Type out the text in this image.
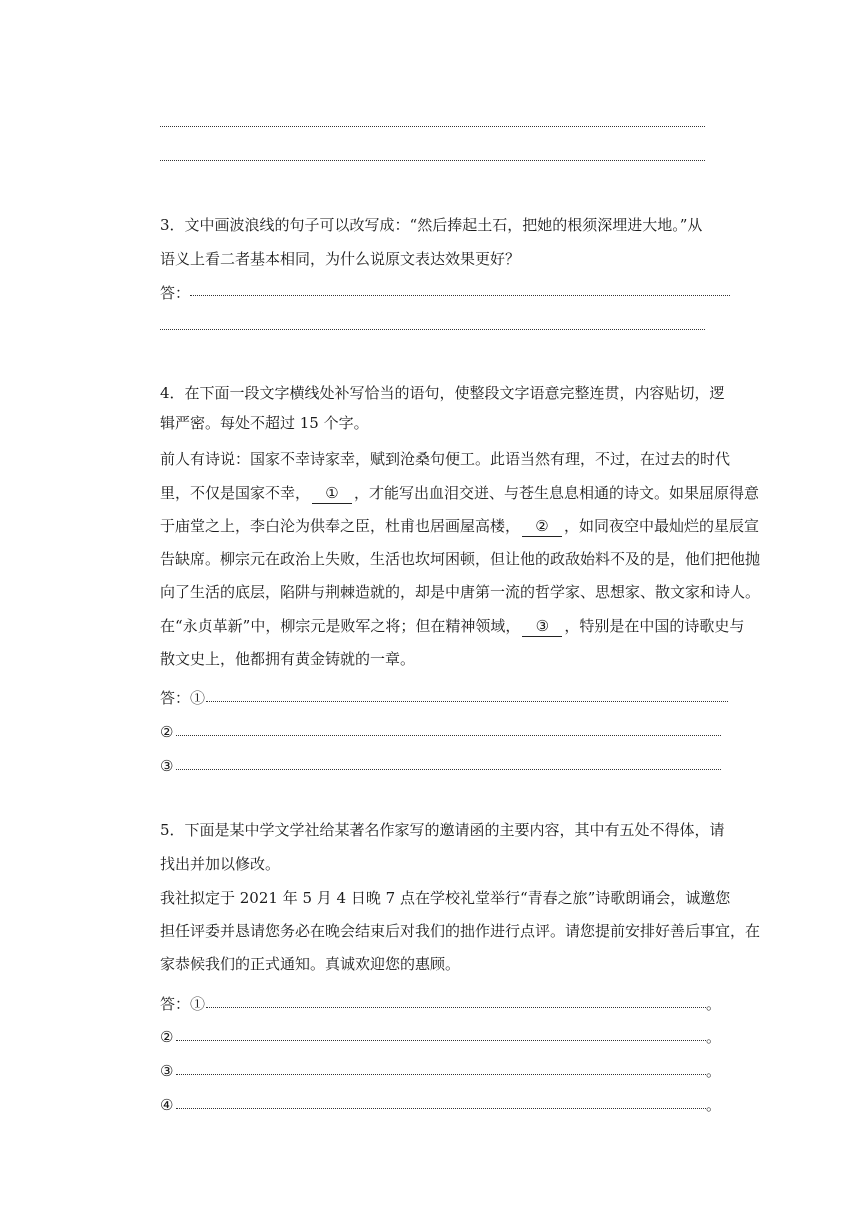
3．文中画波浪线的句子可以改写成：“然后捧起土石，把她的根须深埋进大地。”从
语义上看二者基本相同，为什么说原文表达效果更好？
答：
4．在下面一段文字横线处补写恰当的语句，使整段文字语意完整连贯，内容贴切，逻
辑严密。每处不超过 15 个字。
前人有诗说：国家不幸诗家幸，赋到沧桑句便工。此语当然有理，不过，在过去的时代
里，不仅是国家不幸， ① ，才能写出血泪交迸、与苍生息息相通的诗文。如果屈原得意
于庙堂之上，李白沦为供奉之臣，杜甫也居画屋高楼， ② ，如同夜空中最灿烂的星辰宣
告缺席。柳宗元在政治上失败，生活也坎坷困顿，但让他的政敌始料不及的是，他们把他抛
向了生活的底层，陷阱与荆棘造就的，却是中唐第一流的哲学家、思想家、散文家和诗人。
在“永贞革新”中，柳宗元是败军之将；但在精神领域， ③ ，特别是在中国的诗歌史与
散文史上，他都拥有黄金铸就的一章。
答：①
②
③
5．下面是某中学文学社给某著名作家写的邀请函的主要内容，其中有五处不得体，请
找出并加以修改。
我社拟定于 2021 年 5 月 4 日晚 7 点在学校礼堂举行“青春之旅”诗歌朗诵会，诚邀您
担任评委并恳请您务必在晚会结束后对我们的拙作进行点评。请您提前安排好善后事宜，在
家恭候我们的正式通知。真诚欢迎您的惠顾。
答：①	。
②	。
③	。
④	。
